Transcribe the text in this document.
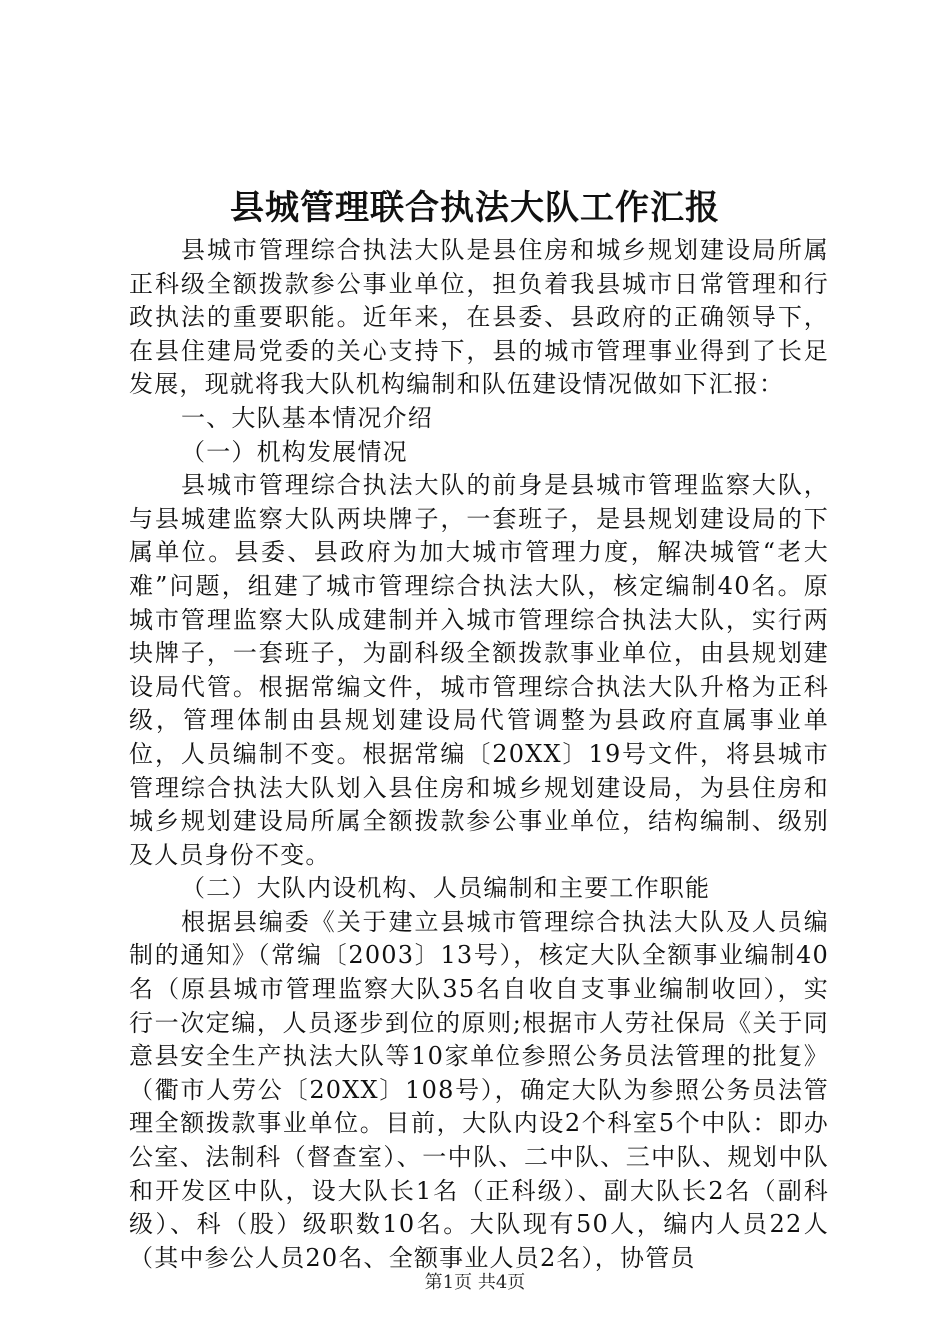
县城管理联合执法大队工作汇报

县城市管理综合执法大队是县住房和城乡规划建设局所属正科级全额拨款参公事业单位，担负着我县城市日常管理和行政执法的重要职能。近年来，在县委、县政府的正确领导下，在县住建局党委的关心支持下，县的城市管理事业得到了长足发展，现就将我大队机构编制和队伍建设情况做如下汇报：

一、大队基本情况介绍

（一）机构发展情况

县城市管理综合执法大队的前身是县城市管理监察大队，与县城建监察大队两块牌子，一套班子，是县规划建设局的下属单位。县委、县政府为加大城市管理力度，解决城管“老大难”问题，组建了城市管理综合执法大队，核定编制40名。原城市管理监察大队成建制并入城市管理综合执法大队，实行两块牌子，一套班子，为副科级全额拨款事业单位，由县规划建设局代管。根据常编文件，城市管理综合执法大队升格为正科级，管理体制由县规划建设局代管调整为县政府直属事业单位，人员编制不变。根据常编〔20XX〕19号文件，将县城市管理综合执法大队划入县住房和城乡规划建设局，为县住房和城乡规划建设局所属全额拨款参公事业单位，结构编制、级别及人员身份不变。

（二）大队内设机构、人员编制和主要工作职能

根据县编委《关于建立县城市管理综合执法大队及人员编制的通知》（常编〔2003〕13号），核定大队全额事业编制40名（原县城市管理监察大队35名自收自支事业编制收回），实行一次定编，人员逐步到位的原则;根据市人劳社保局《关于同意县安全生产执法大队等10家单位参照公务员法管理的批复》（衢市人劳公〔20XX〕108号），确定大队为参照公务员法管理全额拨款事业单位。目前，大队内设2个科室5个中队：即办公室、法制科（督查室）、一中队、二中队、三中队、规划中队和开发区中队，设大队长1名（正科级）、副大队长2名（副科级）、科（股）级职数10名。大队现有50人，编内人员22人（其中参公人员20名、全额事业人员2名），协管员

第1页 共4页
